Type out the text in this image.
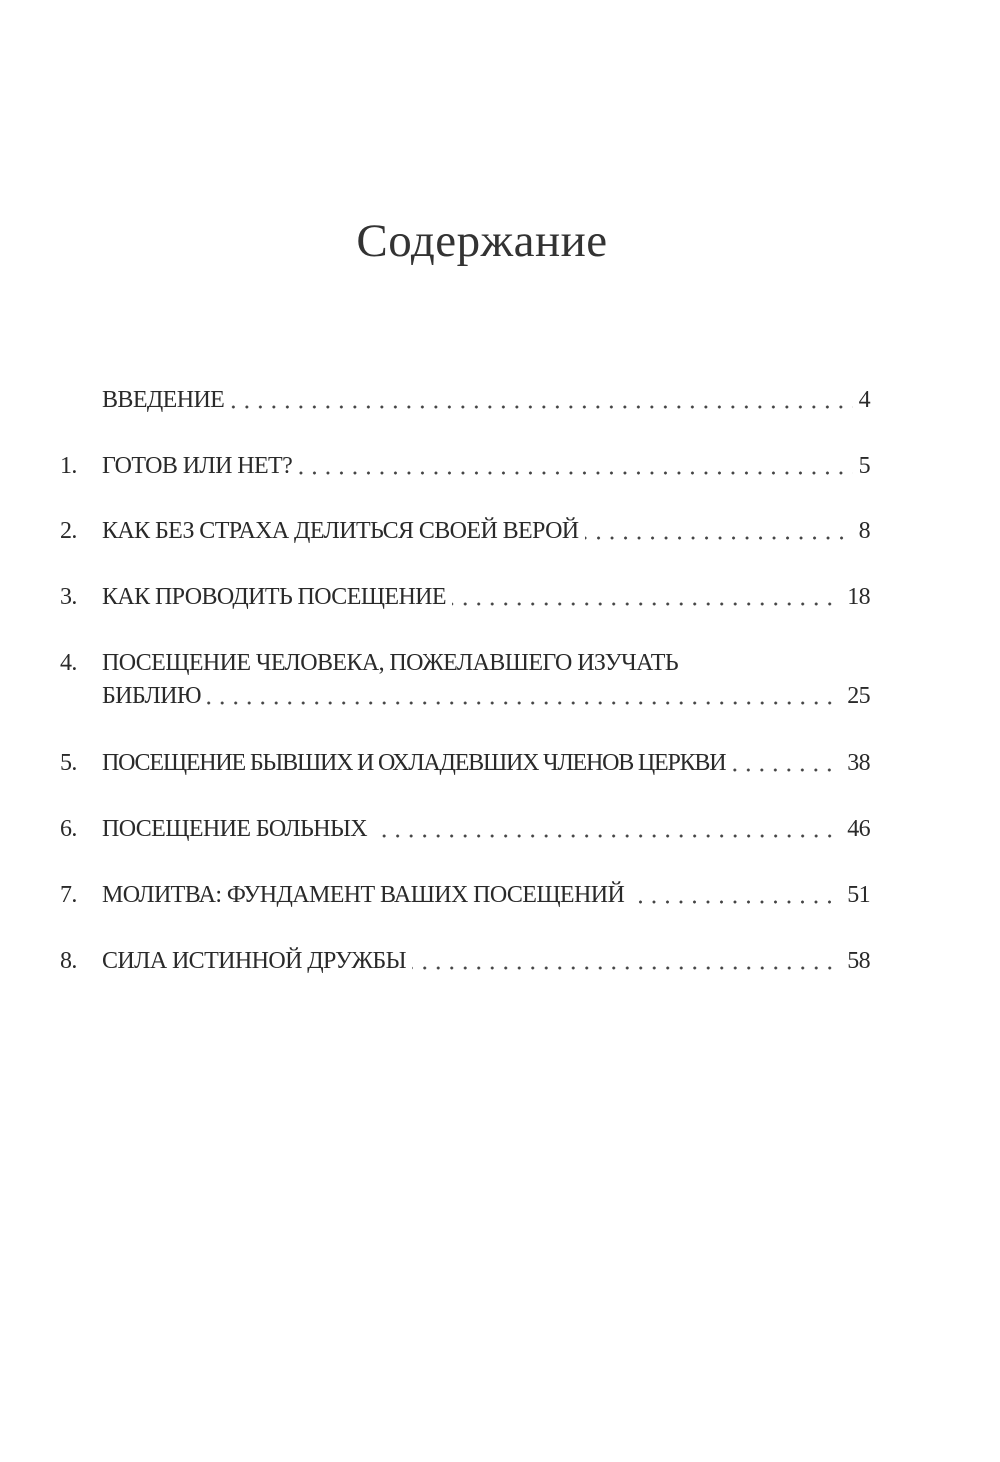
Содержание
ВВЕДЕНИЕ	4
1.	ГОТОВ ИЛИ НЕТ?	5
2.	КАК БЕЗ СТРАХА ДЕЛИТЬСЯ СВОЕЙ ВЕРОЙ	8
3.	КАК ПРОВОДИТЬ ПОСЕЩЕНИЕ	18
4.	ПОСЕЩЕНИЕ ЧЕЛОВЕКА, ПОЖЕЛАВШЕГО ИЗУЧАТЬ
БИБЛИЮ	25
5.	ПОСЕЩЕНИЕ БЫВШИХ И ОХЛАДЕВШИХ ЧЛЕНОВ ЦЕРКВИ	38
6.	ПОСЕЩЕНИЕ БОЛЬНЫХ	46
7.	МОЛИТВА: ФУНДАМЕНТ ВАШИХ ПОСЕЩЕНИЙ	51
8.	СИЛА ИСТИННОЙ ДРУЖБЫ	58
